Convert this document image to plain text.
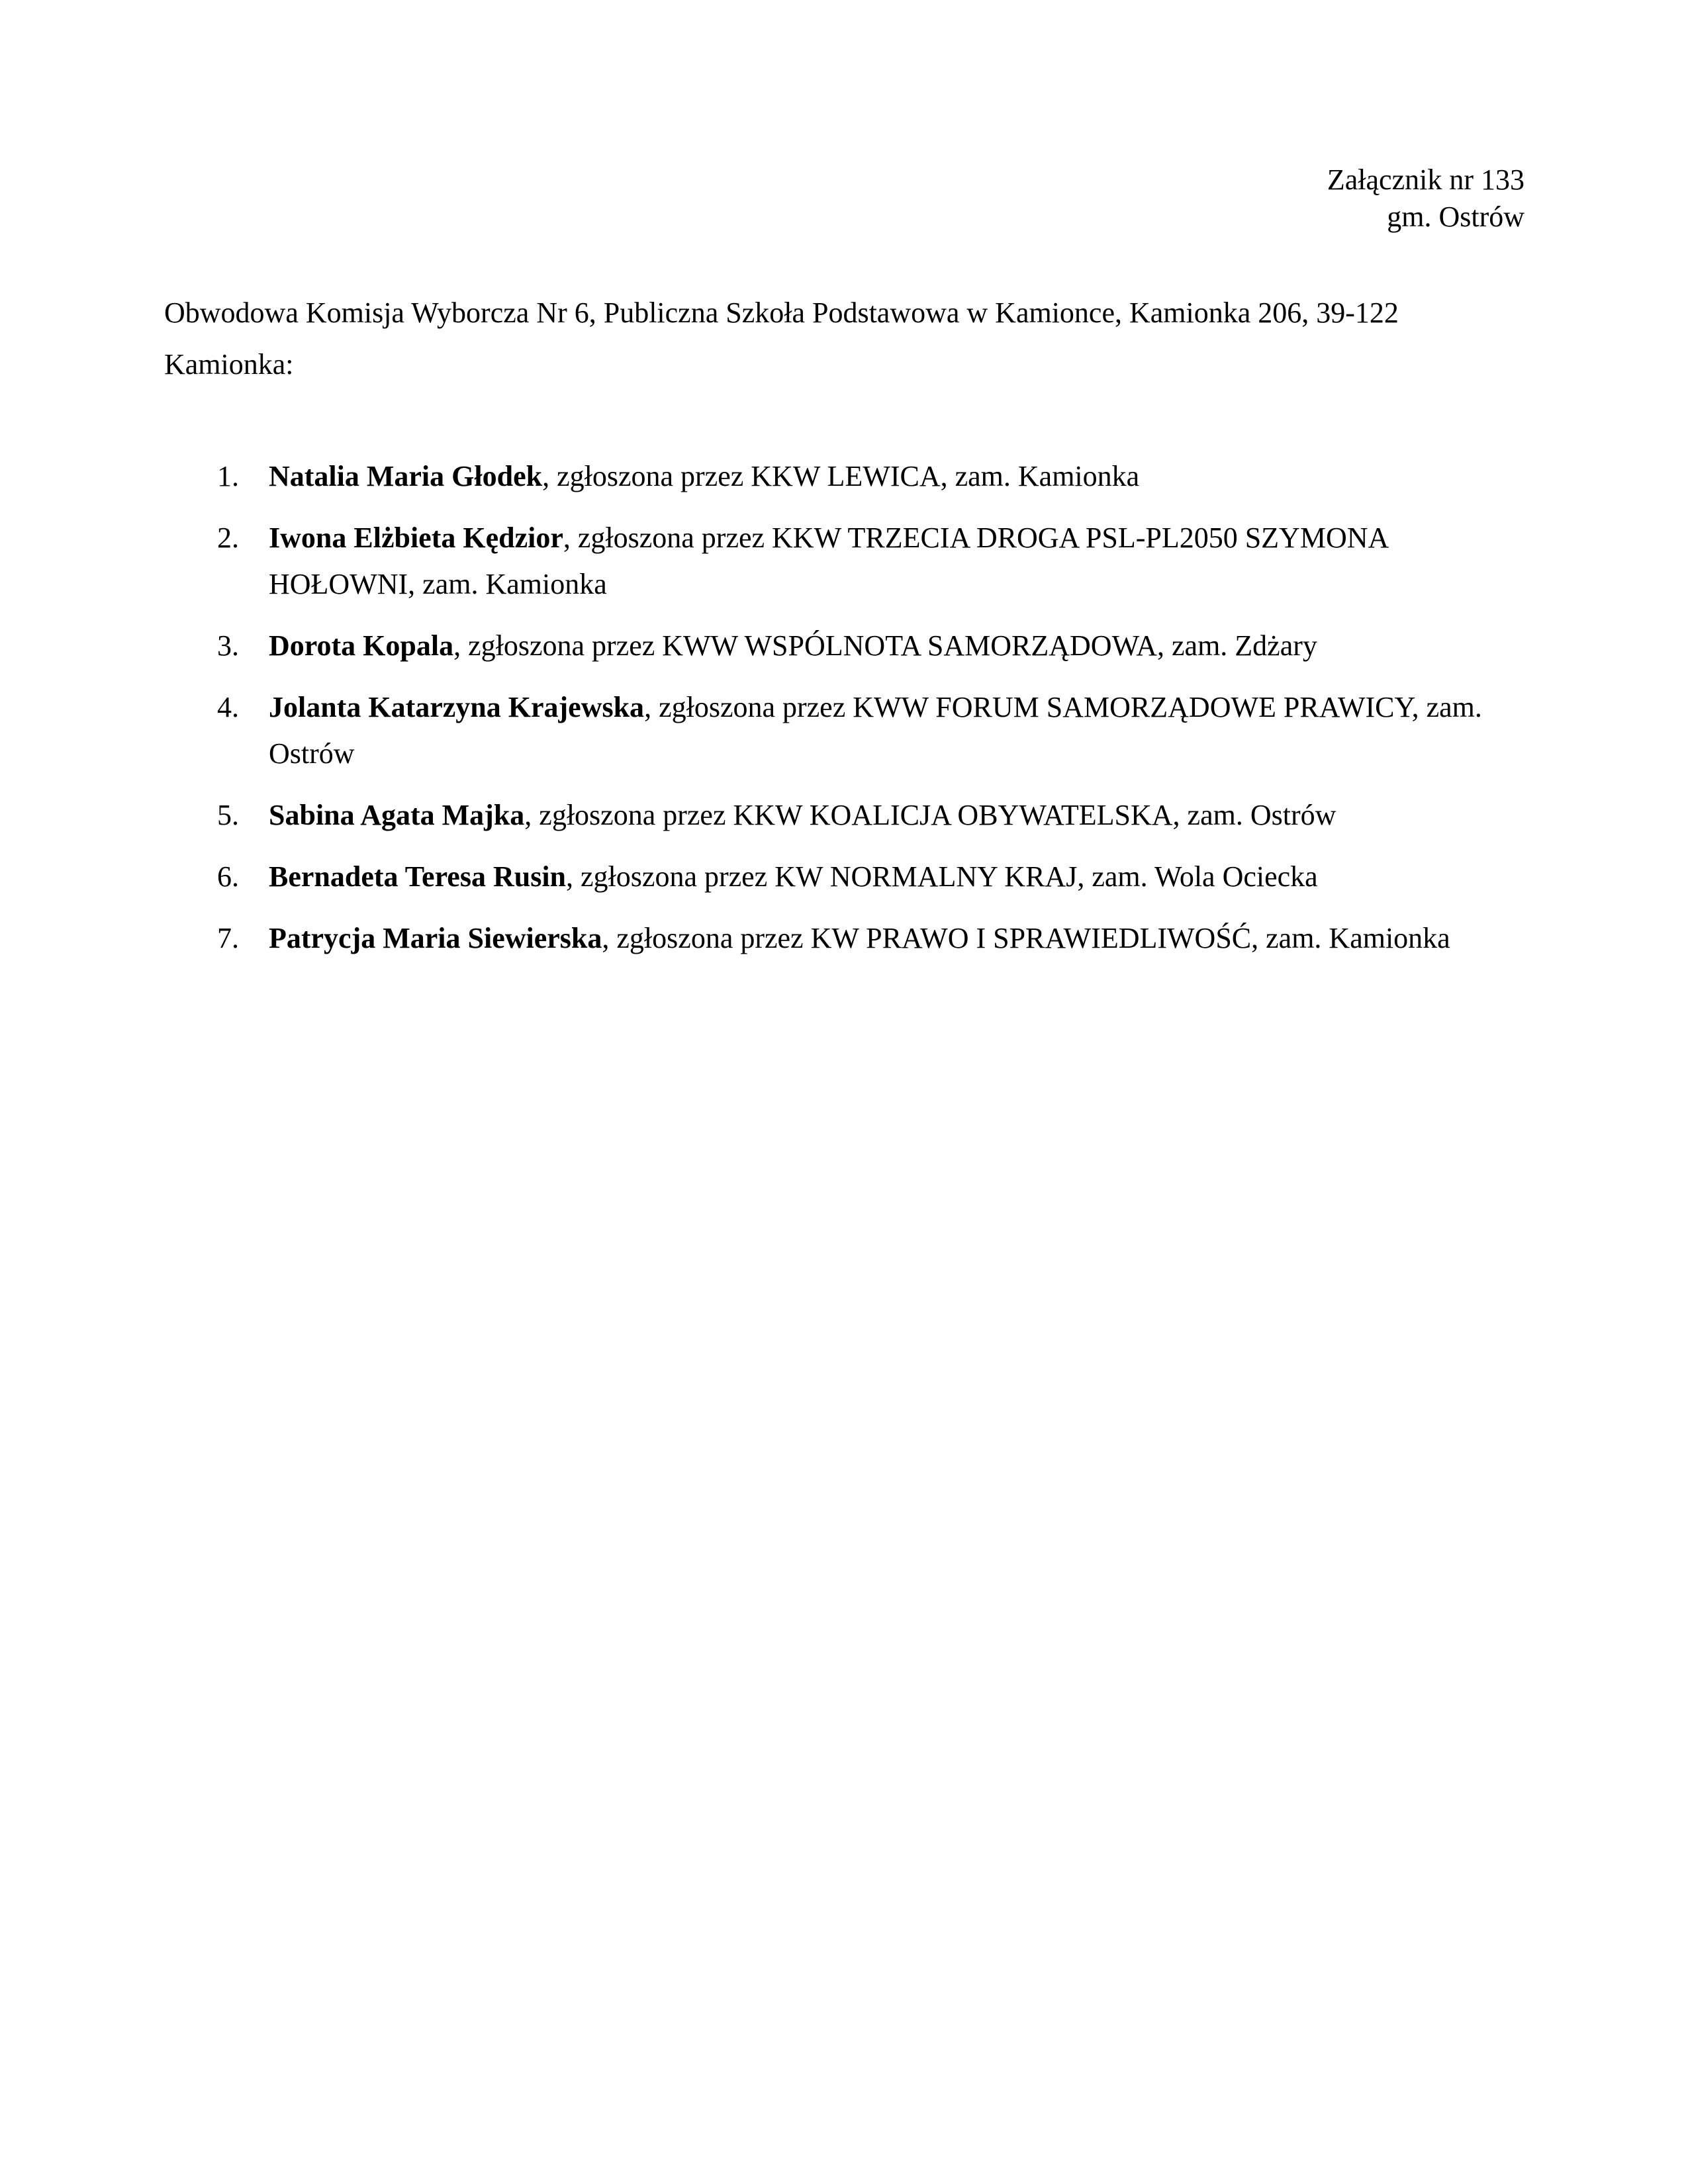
Załącznik nr 133
gm. Ostrów

Obwodowa Komisja Wyborcza Nr 6, Publiczna Szkoła Podstawowa w Kamionce, Kamionka 206, 39-122 Kamionka:

1. Natalia Maria Głodek, zgłoszona przez KKW LEWICA, zam. Kamionka
2. Iwona Elżbieta Kędzior, zgłoszona przez KKW TRZECIA DROGA PSL-PL2050 SZYMONA HOŁOWNI, zam. Kamionka
3. Dorota Kopala, zgłoszona przez KWW WSPÓLNOTA SAMORZĄDOWA, zam. Zdżary
4. Jolanta Katarzyna Krajewska, zgłoszona przez KWW FORUM SAMORZĄDOWE PRAWICY, zam. Ostrów
5. Sabina Agata Majka, zgłoszona przez KKW KOALICJA OBYWATELSKA, zam. Ostrów
6. Bernadeta Teresa Rusin, zgłoszona przez KW NORMALNY KRAJ, zam. Wola Ociecka
7. Patrycja Maria Siewierska, zgłoszona przez KW PRAWO I SPRAWIEDLIWOŚĆ, zam. Kamionka
